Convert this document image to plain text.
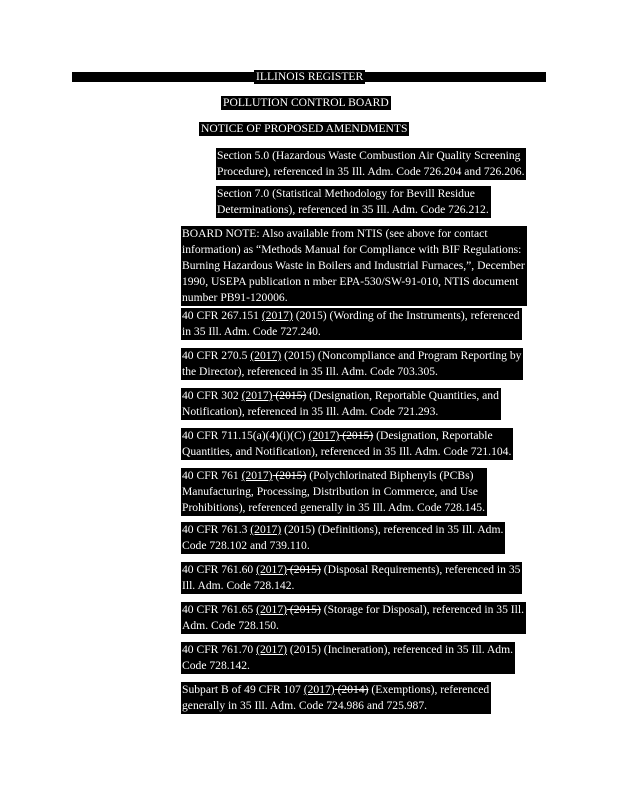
ILLINOIS REGISTER
POLLUTION CONTROL BOARD
NOTICE OF PROPOSED AMENDMENTS
Section 5.0 (Hazardous Waste Combustion Air Quality Screening
Procedure), referenced in 35 Ill. Adm. Code 726.204 and 726.206.
Section 7.0 (Statistical Methodology for Bevill Residue
Determinations), referenced in 35 Ill. Adm. Code 726.212.
BOARD NOTE: Also available from NTIS (see above for contact
information) as “Methods Manual for Compliance with BIF Regulations:
Burning Hazardous Waste in Boilers and Industrial Furnaces,”, December
1990, USEPA publication n mber EPA-530/SW-91-010, NTIS document
number PB91-120006.
40 CFR 267.151 (2017) (2015) (Wording of the Instruments), referenced
in 35 Ill. Adm. Code 727.240.
40 CFR 270.5 (2017) (2015) (Noncompliance and Program Reporting by
the Director), referenced in 35 Ill. Adm. Code 703.305.
40 CFR 302 (2017) (2015) (Designation, Reportable Quantities, and
Notification), referenced in 35 Ill. Adm. Code 721.293.
40 CFR 711.15(a)(4)(i)(C) (2017) (2015) (Designation, Reportable
Quantities, and Notification), referenced in 35 Ill. Adm. Code 721.104.
40 CFR 761 (2017) (2015) (Polychlorinated Biphenyls (PCBs)
Manufacturing, Processing, Distribution in Commerce, and Use
Prohibitions), referenced generally in 35 Ill. Adm. Code 728.145.
40 CFR 761.3 (2017) (2015) (Definitions), referenced in 35 Ill. Adm.
Code 728.102 and 739.110.
40 CFR 761.60 (2017) (2015) (Disposal Requirements), referenced in 35
Ill. Adm. Code 728.142.
40 CFR 761.65 (2017) (2015) (Storage for Disposal), referenced in 35 Ill.
Adm. Code 728.150.
40 CFR 761.70 (2017) (2015) (Incineration), referenced in 35 Ill. Adm.
Code 728.142.
Subpart B of 49 CFR 107 (2017) (2014) (Exemptions), referenced
generally in 35 Ill. Adm. Code 724.986 and 725.987.
